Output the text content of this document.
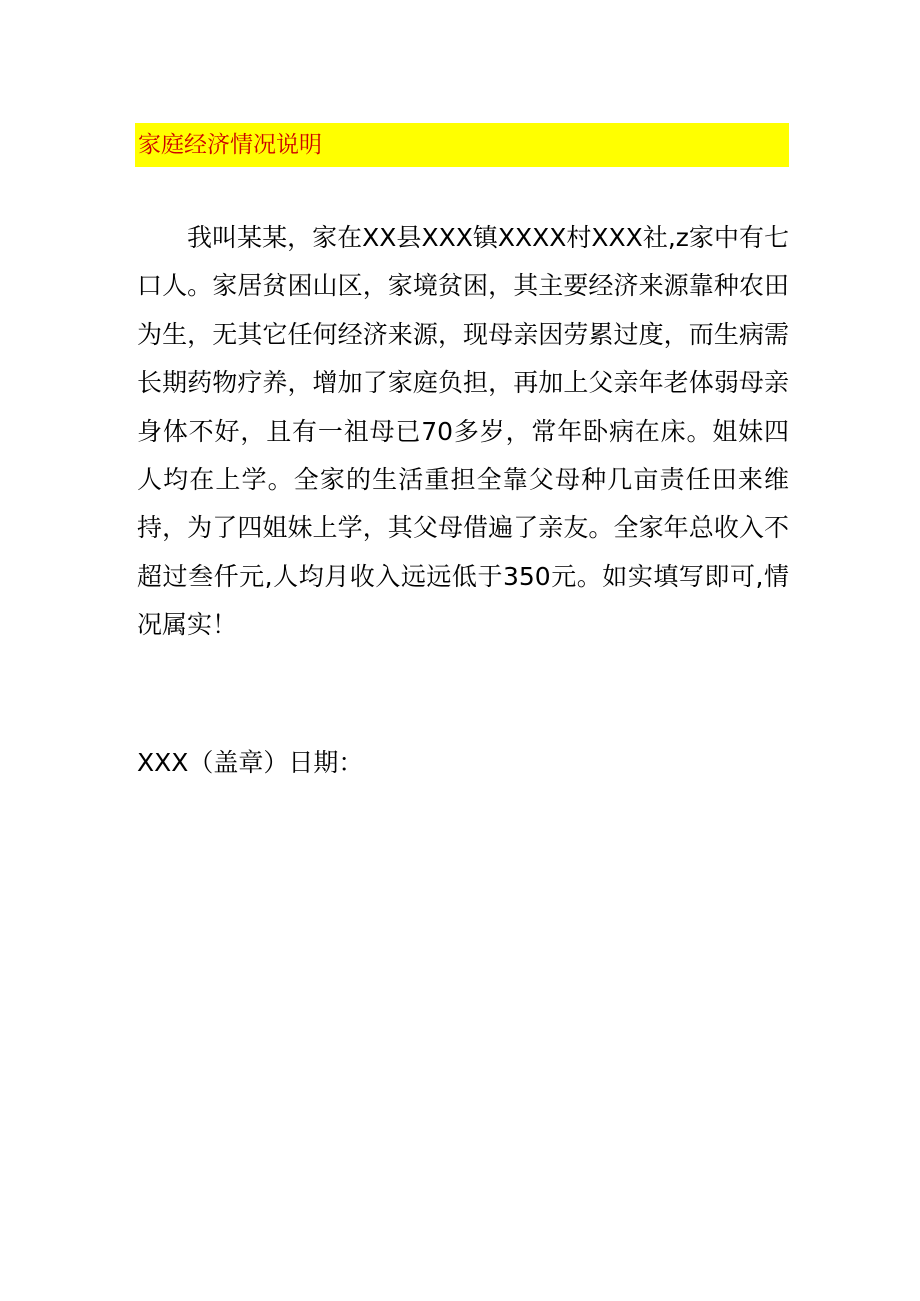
家庭经济情况说明

我叫某某，家在XX县XXX镇XXXX村XXX社,z家中有七口人。家居贫困山区，家境贫困，其主要经济来源靠种农田为生，无其它任何经济来源，现母亲因劳累过度，而生病需长期药物疗养，增加了家庭负担，再加上父亲年老体弱母亲身体不好，且有一祖母已70多岁，常年卧病在床。姐妹四人均在上学。全家的生活重担全靠父母种几亩责任田来维持，为了四姐妹上学，其父母借遍了亲友。全家年总收入不超过叁仟元,人均月收入远远低于350元。如实填写即可,情况属实！

XXX（盖章）日期：
